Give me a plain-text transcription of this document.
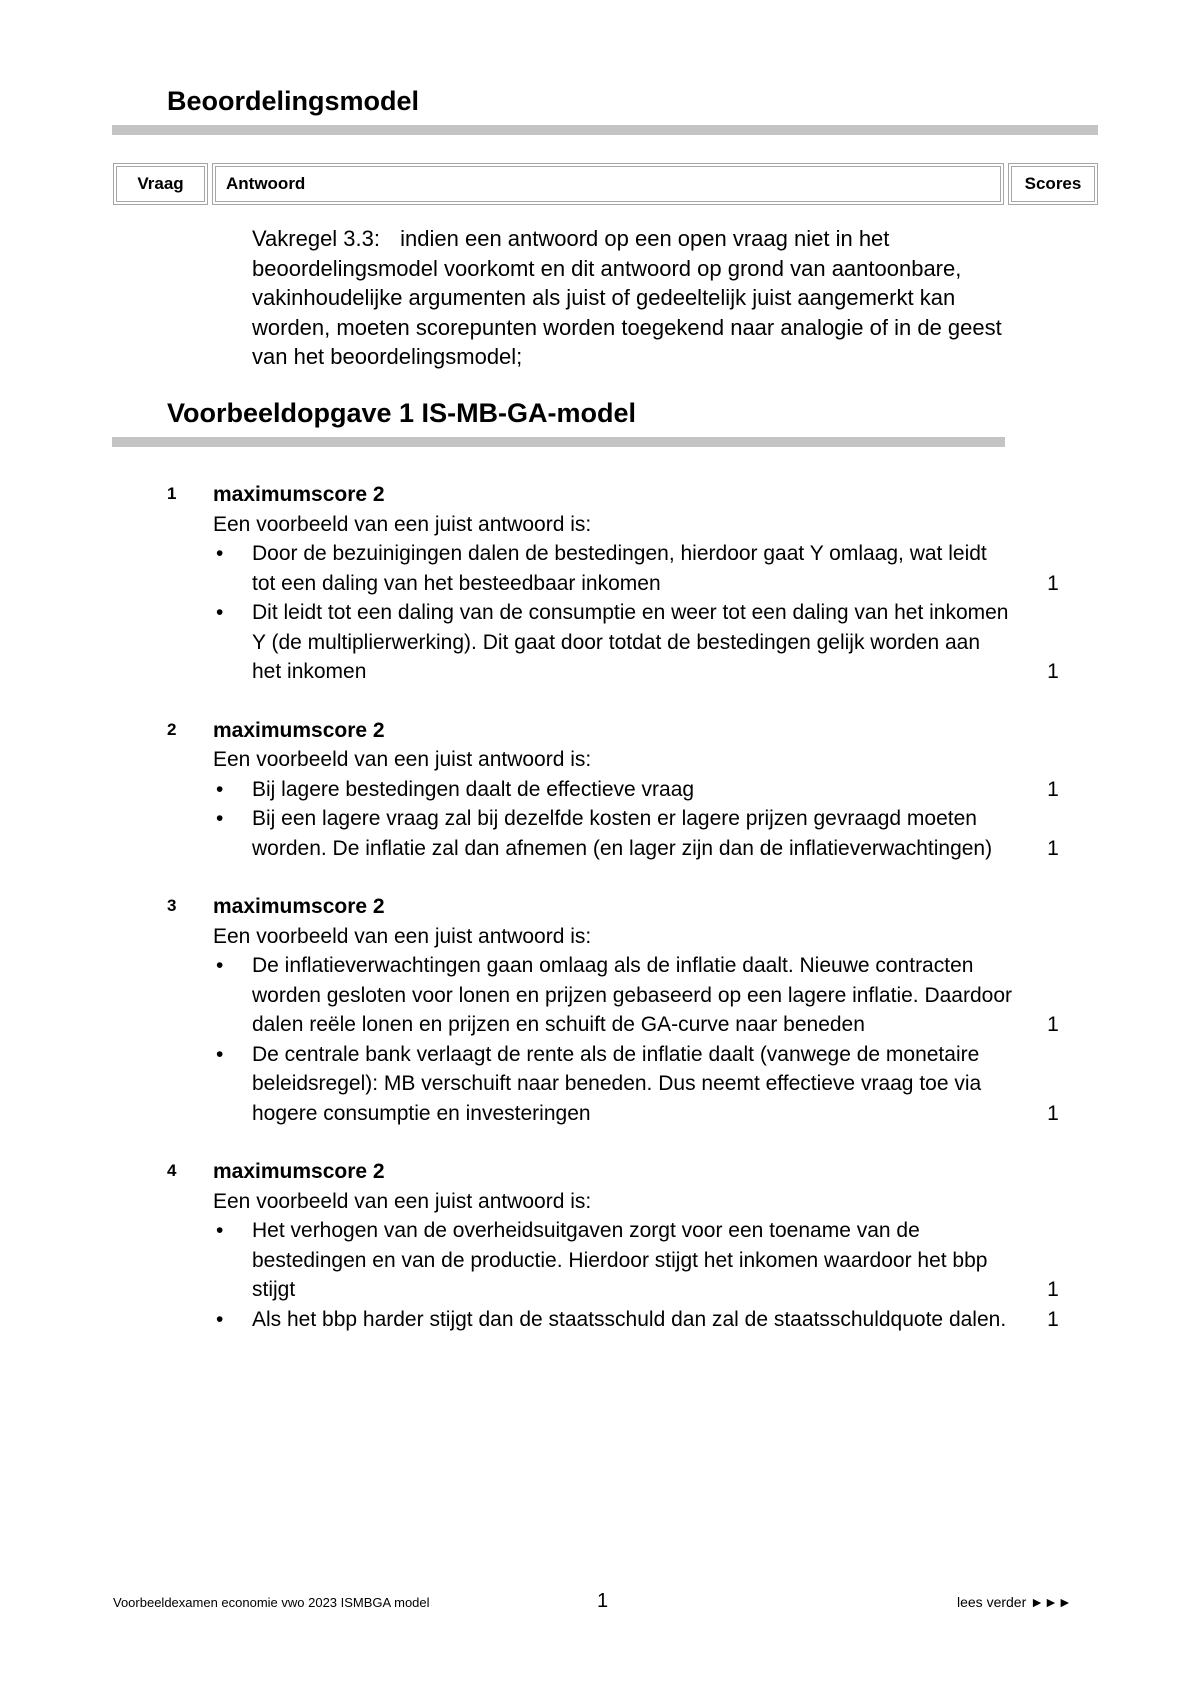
Beoordelingsmodel
Vraag Antwoord	Scores
Vakregel 3.3: indien een antwoord op een open vraag niet in het beoordelingsmodel voorkomt en dit antwoord op grond van aantoonbare, vakinhoudelijke argumenten als juist of gedeeltelijk juist aangemerkt kan worden, moeten scorepunten worden toegekend naar analogie of in de geest van het beoordelingsmodel;
Voorbeeldopgave 1 IS-MB-GA-model
1 maximumscore 2
Een voorbeeld van een juist antwoord is:
• Door de bezuinigingen dalen de bestedingen, hierdoor gaat Y omlaag, wat leidt tot een daling van het besteedbaar inkomen	1
• Dit leidt tot een daling van de consumptie en weer tot een daling van het inkomen Y (de multiplierwerking). Dit gaat door totdat de bestedingen gelijk worden aan het inkomen	1
2 maximumscore 2
Een voorbeeld van een juist antwoord is:
• Bij lagere bestedingen daalt de effectieve vraag	1
• Bij een lagere vraag zal bij dezelfde kosten er lagere prijzen gevraagd moeten worden. De inflatie zal dan afnemen (en lager zijn dan de inflatieverwachtingen)	1
3 maximumscore 2
Een voorbeeld van een juist antwoord is:
• De inflatieverwachtingen gaan omlaag als de inflatie daalt. Nieuwe contracten worden gesloten voor lonen en prijzen gebaseerd op een lagere inflatie. Daardoor dalen reële lonen en prijzen en schuift de GA-curve naar beneden	1
• De centrale bank verlaagt de rente als de inflatie daalt (vanwege de monetaire beleidsregel): MB verschuift naar beneden. Dus neemt effectieve vraag toe via hogere consumptie en investeringen	1
4 maximumscore 2
Een voorbeeld van een juist antwoord is:
• Het verhogen van de overheidsuitgaven zorgt voor een toename van de bestedingen en van de productie. Hierdoor stijgt het inkomen waardoor het bbp stijgt	1
• Als het bbp harder stijgt dan de staatsschuld dan zal de staatsschuldquote dalen. 1
Voorbeeldexamen economie vwo 2023 ISMBGA model	1	lees verder ►►►
